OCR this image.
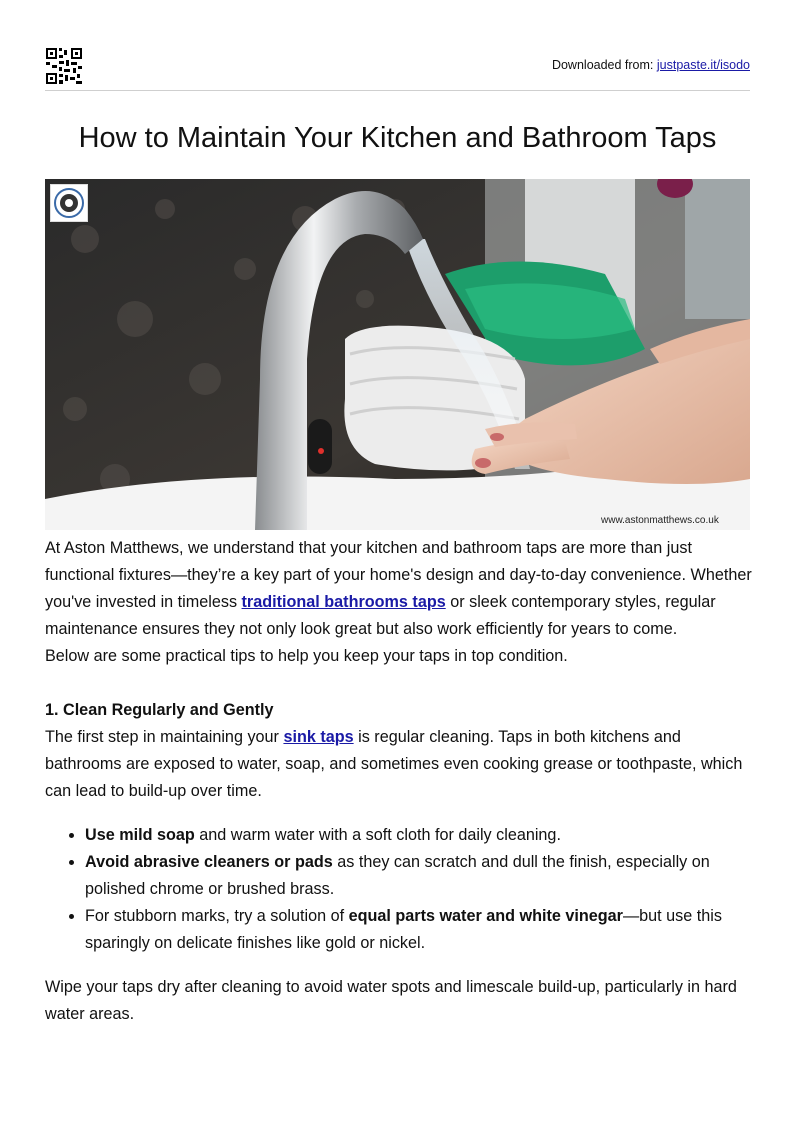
Downloaded from: justpaste.it/isodo
How to Maintain Your Kitchen and Bathroom Taps
www.astonmatthews.co.uk

At Aston Matthews, we understand that your kitchen and bathroom taps are more than just functional fixtures—they’re a key part of your home's design and day-to-day convenience. Whether you've invested in timeless traditional bathrooms taps or sleek contemporary styles, regular maintenance ensures they not only look great but also work efficiently for years to come.

Below are some practical tips to help you keep your taps in top condition.

1. Clean Regularly and Gently

The first step in maintaining your sink taps is regular cleaning. Taps in both kitchens and bathrooms are exposed to water, soap, and sometimes even cooking grease or toothpaste, which can lead to build-up over time.

• Use mild soap and warm water with a soft cloth for daily cleaning.
• Avoid abrasive cleaners or pads as they can scratch and dull the finish, especially on polished chrome or brushed brass.
• For stubborn marks, try a solution of equal parts water and white vinegar—but use this sparingly on delicate finishes like gold or nickel.

Wipe your taps dry after cleaning to avoid water spots and limescale build-up, particularly in hard water areas.
